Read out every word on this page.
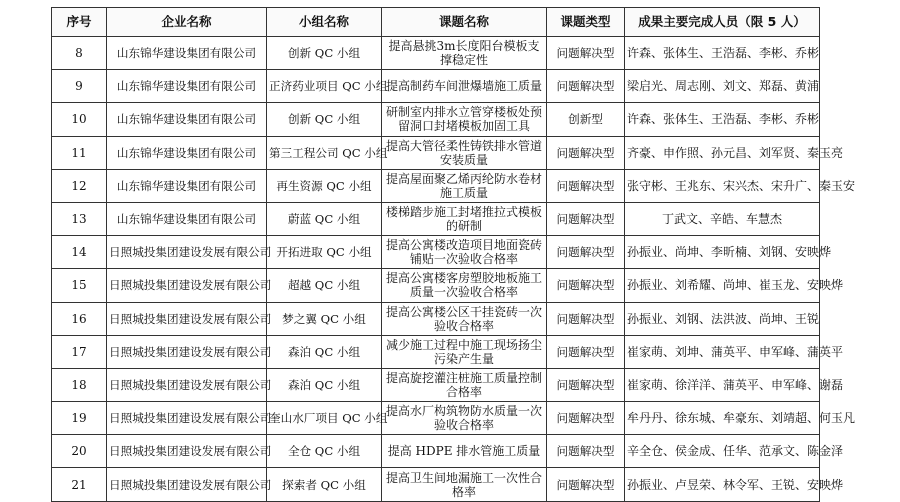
序号	企业名称	小组名称	课题名称	课题类型	成果主要完成人员（限 5 人）
8	山东锦华建设集团有限公司	创新 QC 小组	提高悬挑3m长度阳台模板支撑稳定性	问题解决型	许森、张体生、王浩磊、李彬、乔彬
9	山东锦华建设集团有限公司	正济药业项目 QC 小组	提高制药车间泄爆墙施工质量	问题解决型	梁启光、周志刚、刘文、郑磊、黄浦
10	山东锦华建设集团有限公司	创新 QC 小组	研制室内排水立管穿楼板处预留洞口封堵模板加固工具	创新型	许森、张体生、王浩磊、李彬、乔彬
11	山东锦华建设集团有限公司	第三工程公司 QC 小组	提高大管径柔性铸铁排水管道安装质量	问题解决型	齐豪、申作照、孙元昌、刘军贤、秦玉亮
12	山东锦华建设集团有限公司	再生资源 QC 小组	提高屋面聚乙烯丙纶防水卷材施工质量	问题解决型	张守彬、王兆东、宋兴杰、宋升广、秦玉安
13	山东锦华建设集团有限公司	蔚蓝 QC 小组	楼梯踏步施工封堵推拉式模板的研制	问题解决型	丁武文、辛皓、车慧杰
14	日照城投集团建设发展有限公司	开拓进取 QC 小组	提高公寓楼改造项目地面瓷砖铺贴一次验收合格率	问题解决型	孙振业、尚坤、李昕楠、刘钢、安映烨
15	日照城投集团建设发展有限公司	超越 QC 小组	提高公寓楼客房塑胶地板施工质量一次验收合格率	问题解决型	孙振业、刘希耀、尚坤、崔玉龙、安映烨
16	日照城投集团建设发展有限公司	梦之翼 QC 小组	提高公寓楼公区干挂瓷砖一次验收合格率	问题解决型	孙振业、刘钢、法洪波、尚坤、王锐
17	日照城投集团建设发展有限公司	森泊 QC 小组	减少施工过程中施工现场扬尘污染产生量	问题解决型	崔家萌、刘坤、蒲英平、申军峰、蒲英平
18	日照城投集团建设发展有限公司	森泊 QC 小组	提高旋挖灌注桩施工质量控制合格率	问题解决型	崔家萌、徐洋洋、蒲英平、申军峰、谢磊
19	日照城投集团建设发展有限公司	奎山水厂项目 QC 小组	提高水厂构筑物防水质量一次验收合格率	问题解决型	牟丹丹、徐东城、牟豪东、刘靖超、何玉凡
20	日照城投集团建设发展有限公司	全仓 QC 小组	提高 HDPE 排水管施工质量	问题解决型	辛全仓、侯金成、任华、范承文、陈金泽
21	日照城投集团建设发展有限公司	探索者 QC 小组	提高卫生间地漏施工一次性合格率	问题解决型	孙振业、卢昱荣、林令军、王锐、安映烨
